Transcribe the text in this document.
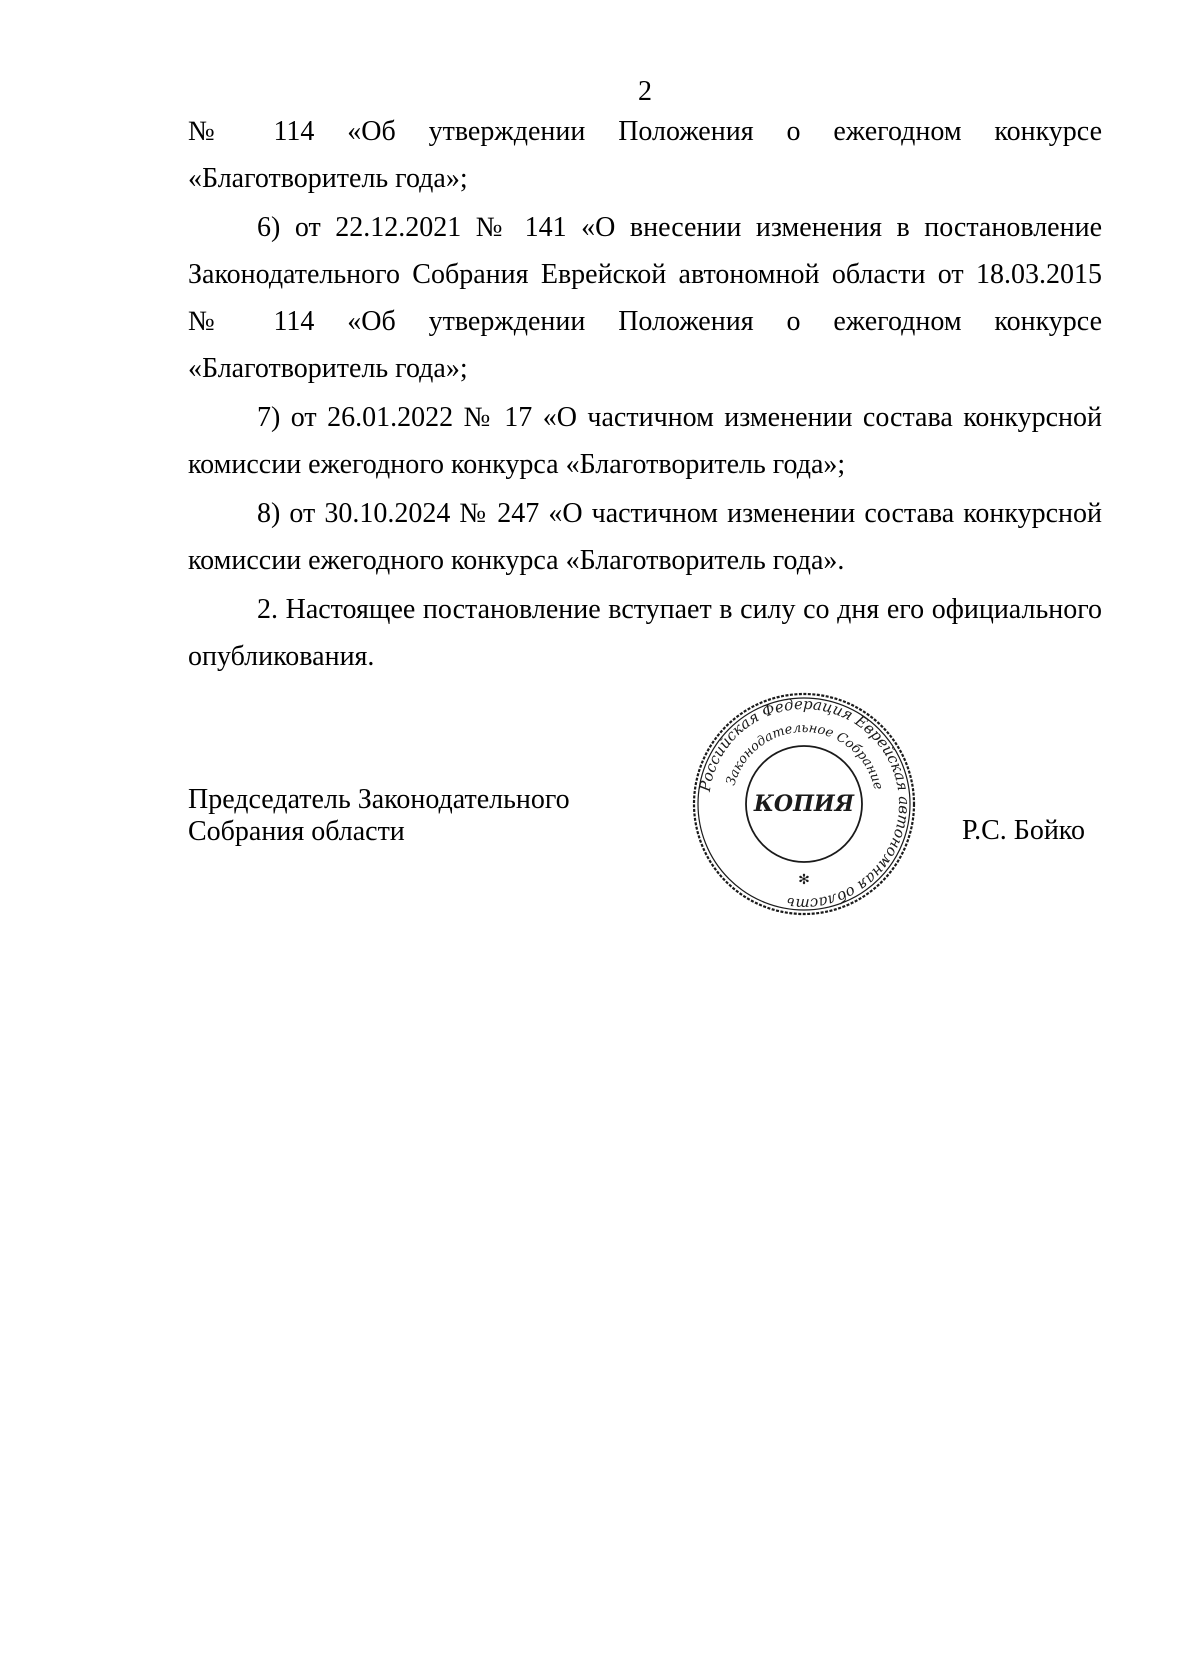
2

№ 114 «Об утверждении Положения о ежегодном конкурсе «Благотворитель года»;

6) от 22.12.2021 № 141 «О внесении изменения в постановление Законодательного Собрания Еврейской автономной области от 18.03.2015 № 114 «Об утверждении Положения о ежегодном конкурсе «Благотворитель года»;

7) от 26.01.2022 № 17 «О частичном изменении состава конкурсной комиссии ежегодного конкурса «Благотворитель года»;

8) от 30.10.2024 № 247 «О частичном изменении состава конкурсной комиссии ежегодного конкурса «Благотворитель года».

2. Настоящее постановление вступает в силу со дня его официального опубликования.

Председатель Законодательного
Собрания области	Р.С. Бойко
Российская Федерация Еврейская автономная область
Законодательное Собрание
КОПИЯ
✻
